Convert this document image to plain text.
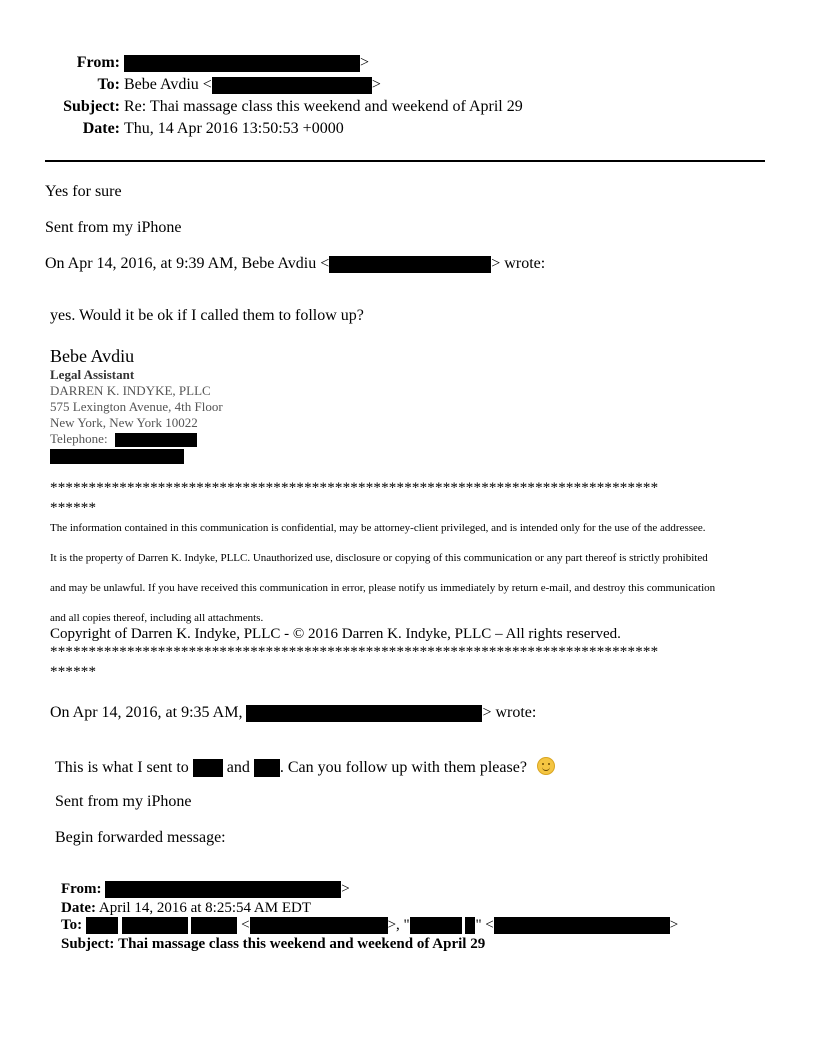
From:	>
To: Bebe Avdiu <	>
Subject: Re: Thai massage class this weekend and weekend of April 29
Date: Thu, 14 Apr 2016 13:50:53 +0000
Yes for sure
Sent from my iPhone
On Apr 14, 2016, at 9:39 AM, Bebe Avdiu <	> wrote:
yes. Would it be ok if I called them to follow up?
Bebe Avdiu
Legal Assistant
DARREN K. INDYKE, PLLC
575 Lexington Avenue, 4th Floor
New York, New York 10022
Telephone:
*******************************************************************************
******
The information contained in this communication is confidential, may be attorney-client privileged, and is intended only for the use of the addressee.
It is the property of Darren K. Indyke, PLLC. Unauthorized use, disclosure or copying of this communication or any part thereof is strictly prohibited
and may be unlawful. If you have received this communication in error, please notify us immediately by return e-mail, and destroy this communication
and all copies thereof, including all attachments.
Copyright of Darren K. Indyke, PLLC - © 2016 Darren K. Indyke, PLLC – All rights reserved.
*******************************************************************************
******
On Apr 14, 2016, at 9:35 AM,	> wrote:
This is what I sent to and . Can you follow up with them please?
Sent from my iPhone
Begin forwarded message:
From:	>
Date: April 14, 2016 at 8:25:54 AM EDT
To:	<	>, "	" <	>
Subject: Thai massage class this weekend and weekend of April 29
